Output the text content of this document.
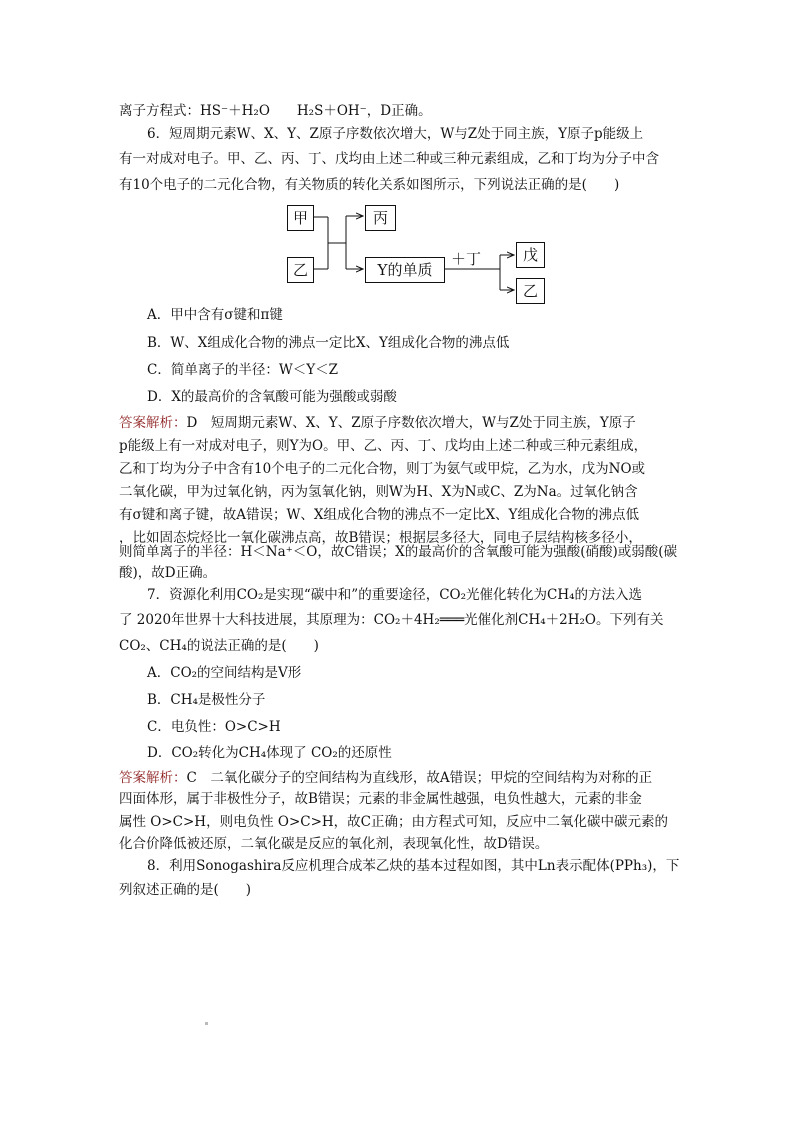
离子方程式：HS⁻＋H₂O　　H₂S＋OH⁻，D正确。
6．短周期元素W、X、Y、Z原子序数依次增大，W与Z处于同主族，Y原子p能级上
有一对成对电子。甲、乙、丙、丁、戊均由上述二种或三种元素组成，乙和丁均为分子中含
有10个电子的二元化合物，有关物质的转化关系如图所示，下列说法正确的是(　　)
甲
乙
丙
Y的单质
＋丁	戊
乙
A．甲中含有σ键和π键
B．W、X组成化合物的沸点一定比X、Y组成化合物的沸点低
C．简单离子的半径：W＜Y＜Z
D．X的最高价的含氧酸可能为强酸或弱酸
答案解析：D　短周期元素W、X、Y、Z原子序数依次增大，W与Z处于同主族，Y原子
p能级上有一对成对电子，则Y为O。甲、乙、丙、丁、戊均由上述二种或三种元素组成，
乙和丁均为分子中含有10个电子的二元化合物，则丁为氨气或甲烷，乙为水，戊为NO或
二氧化碳，甲为过氧化钠，丙为氢氧化钠，则W为H、X为N或C、Z为Na。过氧化钠含
有σ键和离子键，故A错误；W、X组成化合物的沸点不一定比X、Y组成化合物的沸点低
，比如固态烷烃比一氧化碳沸点高，故B错误；根据层多径大，同电子层结构核多径小，
则简单离子的半径：H＜Na⁺＜O，故C错误；X的最高价的含氧酸可能为强酸(硝酸)或弱酸(碳
酸)，故D正确。
7．资源化利用CO₂是实现“碳中和”的重要途径，CO₂光催化转化为CH₄的方法入选
了 2020年世界十大科技进展，其原理为：CO₂＋4H₂═══光催化剂CH₄＋2H₂O。下列有关
CO₂、CH₄的说法正确的是(　　)
A．CO₂的空间结构是V形
B．CH₄是极性分子
C．电负性：O>C>H
D．CO₂转化为CH₄体现了 CO₂的还原性
答案解析：C　二氧化碳分子的空间结构为直线形，故A错误；甲烷的空间结构为对称的正
四面体形，属于非极性分子，故B错误；元素的非金属性越强，电负性越大，元素的非金
属性 O>C>H，则电负性 O>C>H，故C正确；由方程式可知，反应中二氧化碳中碳元素的
化合价降低被还原，二氧化碳是反应的氧化剂，表现氧化性，故D错误。
8．利用Sonogashira反应机理合成苯乙炔的基本过程如图，其中Ln表示配体(PPh₃)，下
列叙述正确的是(　　)
